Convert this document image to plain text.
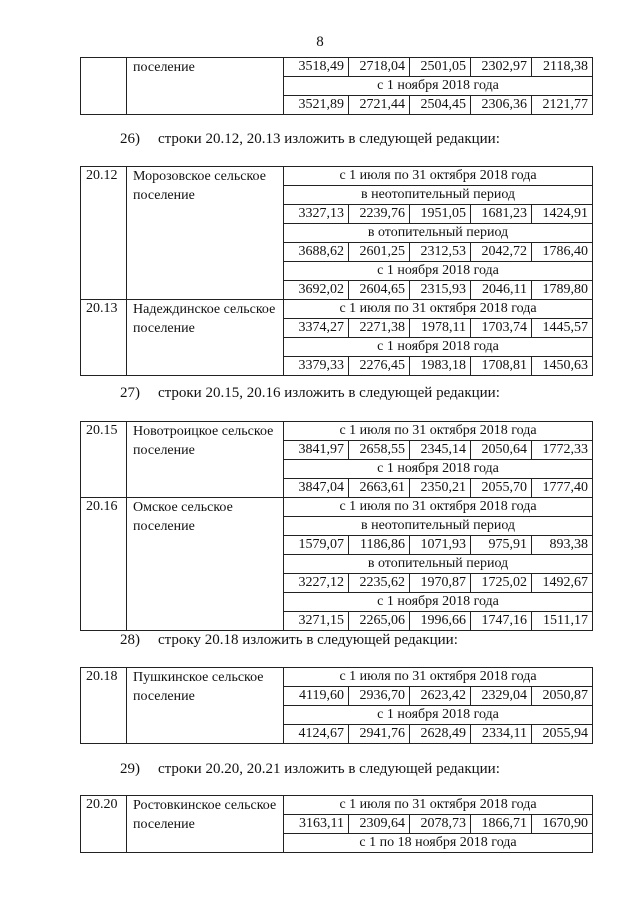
8
	поселение	3518,49	2718,04	2501,05	2302,97	2118,38
		с 1 ноября 2018 года				
		3521,89	2721,44	2504,45	2306,36	2121,77
26) строки 20.12, 20.13 изложить в следующей редакции:
20.12	Морозовское сельское поселение	с 1 июля по 31 октября 2018 года				
		в неотопительный период				
		3327,13	2239,76	1951,05	1681,23	1424,91
		в отопительный период				
		3688,62	2601,25	2312,53	2042,72	1786,40
		с 1 ноября 2018 года				
		3692,02	2604,65	2315,93	2046,11	1789,80
20.13	Надеждинское сельское поселение	с 1 июля по 31 октября 2018 года				
		3374,27	2271,38	1978,11	1703,74	1445,57
		с 1 ноября 2018 года				
		3379,33	2276,45	1983,18	1708,81	1450,63
27) строки 20.15, 20.16 изложить в следующей редакции:
20.15	Новотроицкое сельское поселение	с 1 июля по 31 октября 2018 года				
		3841,97	2658,55	2345,14	2050,64	1772,33
		с 1 ноября 2018 года				
		3847,04	2663,61	2350,21	2055,70	1777,40
20.16	Омское сельское поселение	с 1 июля по 31 октября 2018 года				
		в неотопительный период				
		1579,07	1186,86	1071,93	975,91	893,38
		в отопительный период				
		3227,12	2235,62	1970,87	1725,02	1492,67
		с 1 ноября 2018 года				
		3271,15	2265,06	1996,66	1747,16	1511,17
28) строку 20.18 изложить в следующей редакции:
20.18	Пушкинское сельское поселение	с 1 июля по 31 октября 2018 года				
		4119,60	2936,70	2623,42	2329,04	2050,87
		с 1 ноября 2018 года				
		4124,67	2941,76	2628,49	2334,11	2055,94
29) строки 20.20, 20.21 изложить в следующей редакции:
20.20	Ростовкинское сельское поселение	с 1 июля по 31 октября 2018 года				
		3163,11	2309,64	2078,73	1866,71	1670,90
		с 1 по 18 ноября 2018 года				
